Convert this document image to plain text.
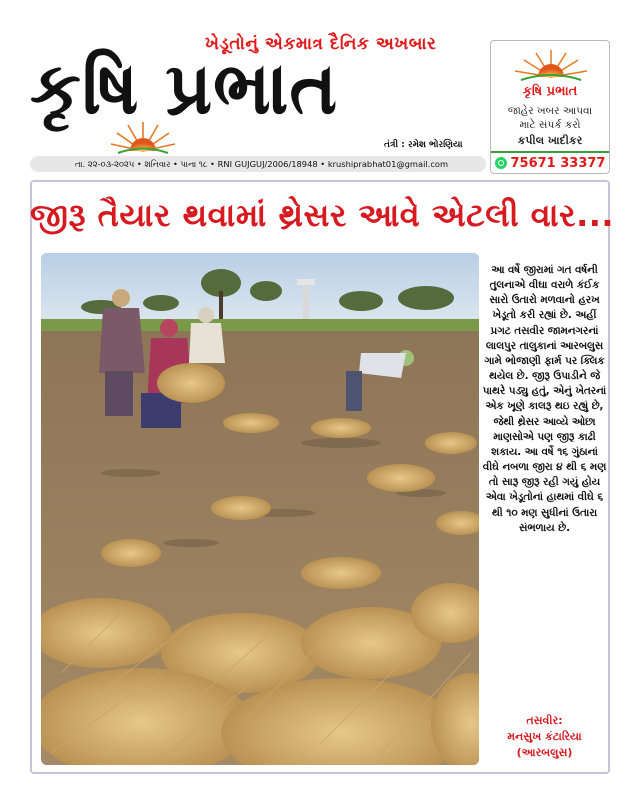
ખેડૂતોનું એકમાત્ર દૈનિક અખબાર
કૃષિ પ્રભાત
તંત્રી : રમેશ ભોરણિયા
તા. ૨૨-૦૩-૨૦૨૫ • શનિવાર • પાના ૧૮ • RNI GUJGUJ/2006/18948 • krushiprabhat01@gmail.com
કૃષિ પ્રભાત
જાહેર ખબર આપવા
માટે સંપર્ક કરો
કપીલ ખાદીકર
75671 33377
જીરૂ તૈયાર થવામાં થ્રેસર આવે એટલી વાર...
આ વર્ષે જીરામાં ગત વર્ષની તુલનાએ વીઘા વરાળે કંઈક સારો ઉતારો મળવાનો હરખ ખેડૂતો કરી રહ્યાં છે. અહીં પ્રગટ તસવીર જામનગરનાં લાલપુર તાલુકાનાં આરબલુસ ગામે ભોજાણી ફાર્મ પર ક્લિક થયેલ છે. જીરૂ ઉપાડીને જે પાથરે પડ્યુ હતું, એનું ખેતરનાં એક ખૂણે કાલરૂ થઇ રહ્યું છે, જેથી થ્રેસર આવ્યે ઓછા માણસોએ પણ જીરૂ કાઢી શકાય. આ વર્ષે ૧૬ ગુંઠાનાં વીઘે નબળા જીરા ૪ થી ૬ મણ તો સારૂ જીરૂ રહી ગયું હોય એવા ખેડૂતોનાં હાથમાં વીઘે ૬ થી ૧૦ મણ સુધીનાં ઉતારા સંભળાય છે.
તસવીર:
મનસુખ કંટારિયા
(આરબલુસ)
